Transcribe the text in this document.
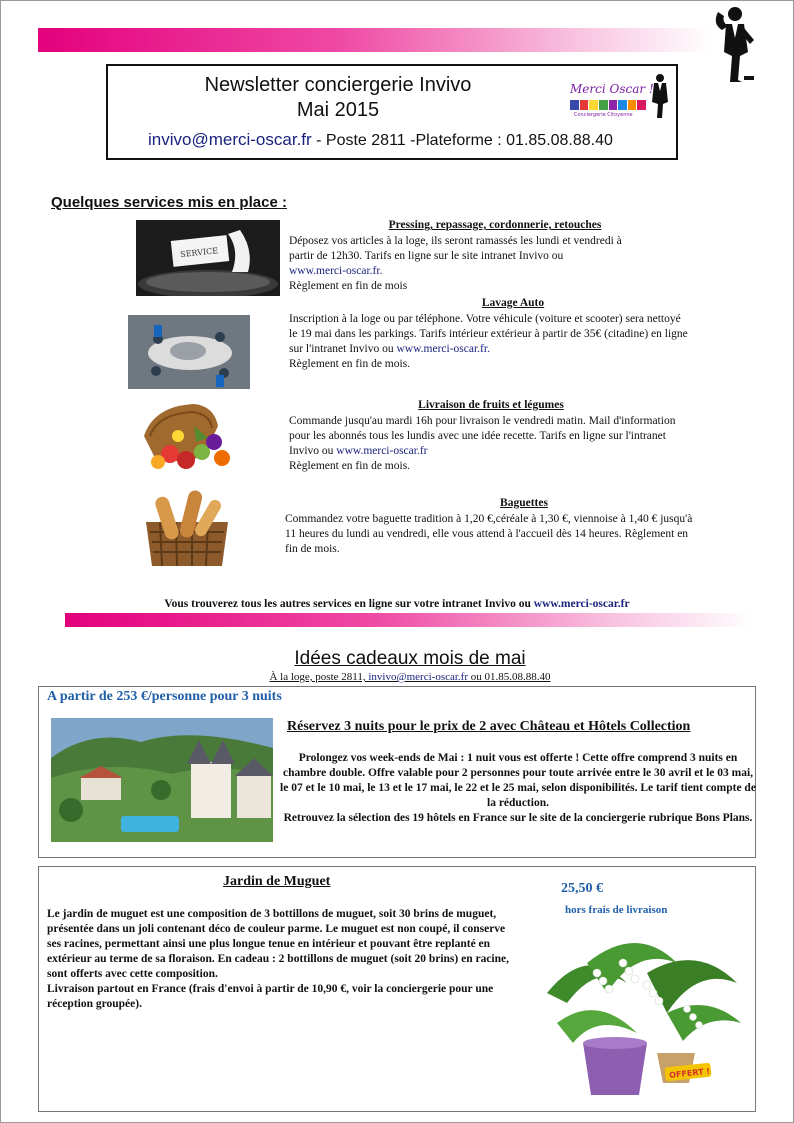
Newsletter conciergerie Invivo
Mai 2015
invivo@merci-oscar.fr - Poste 2811 -Plateforme : 01.85.08.88.40
Merci Oscar !
Conciergerie Citoyenne
Quelques services mis en place :
SERVICE
Pressing, repassage, cordonnerie, retouches
Déposez vos articles à la loge, ils seront ramassés les lundi et vendredi à
partir de 12h30. Tarifs en ligne sur le site intranet Invivo ou
www.merci-oscar.fr.
Règlement en fin de mois
Lavage Auto
Inscription à la loge ou par téléphone. Votre véhicule (voiture et scooter) sera nettoyé le 19 mai dans les parkings. Tarifs intérieur extérieur à partir de 35€ (citadine) en ligne sur l'intranet Invivo ou www.merci-oscar.fr.
Règlement en fin de mois.
Livraison de fruits et légumes
Commande jusqu'au mardi 16h pour livraison le vendredi matin. Mail d'information pour les abonnés tous les lundis avec une idée recette. Tarifs en ligne sur l'intranet Invivo ou www.merci-oscar.fr
Règlement en fin de mois.
Baguettes
Commandez votre baguette tradition à 1,20 €,céréale à 1,30 €, viennoise à 1,40 € jusqu'à 11 heures du lundi au vendredi, elle vous attend à l'accueil dès 14 heures. Règlement en fin de mois.
Vous trouverez tous les autres services en ligne sur votre intranet Invivo ou www.merci-oscar.fr
Idées cadeaux mois de mai
À la loge, poste 2811, invivo@merci-oscar.fr ou 01.85.08.88.40
A partir de 253 €/personne pour 3 nuits
Réservez 3 nuits pour le prix de 2 avec Château et Hôtels Collection
Prolongez vos week-ends de Mai : 1 nuit vous est offerte ! Cette offre comprend 3 nuits en chambre double. Offre valable pour 2 personnes pour toute arrivée entre le 30 avril et le 03 mai, le 07 et le 10 mai, le 13 et le 17 mai, le 22 et le 25 mai, selon disponibilités. Le tarif tient compte de la réduction.
Retrouvez la sélection des 19 hôtels en France sur le site de la conciergerie rubrique Bons Plans.
Jardin de Muguet
Le jardin de muguet est une composition de 3 bottillons de muguet, soit 30 brins de muguet, présentée dans un joli contenant déco de couleur parme. Le muguet est non coupé, il conserve ses racines, permettant ainsi une plus longue tenue en intérieur et pouvant être replanté en extérieur au terme de sa floraison. En cadeau : 2 bottillons de muguet (soit 20 brins) en racine, sont offerts avec cette composition.
Livraison partout en France (frais d'envoi à partir de 10,90 €, voir la conciergerie pour une réception groupée).
25,50 €
hors frais de livraison
OFFERT !
